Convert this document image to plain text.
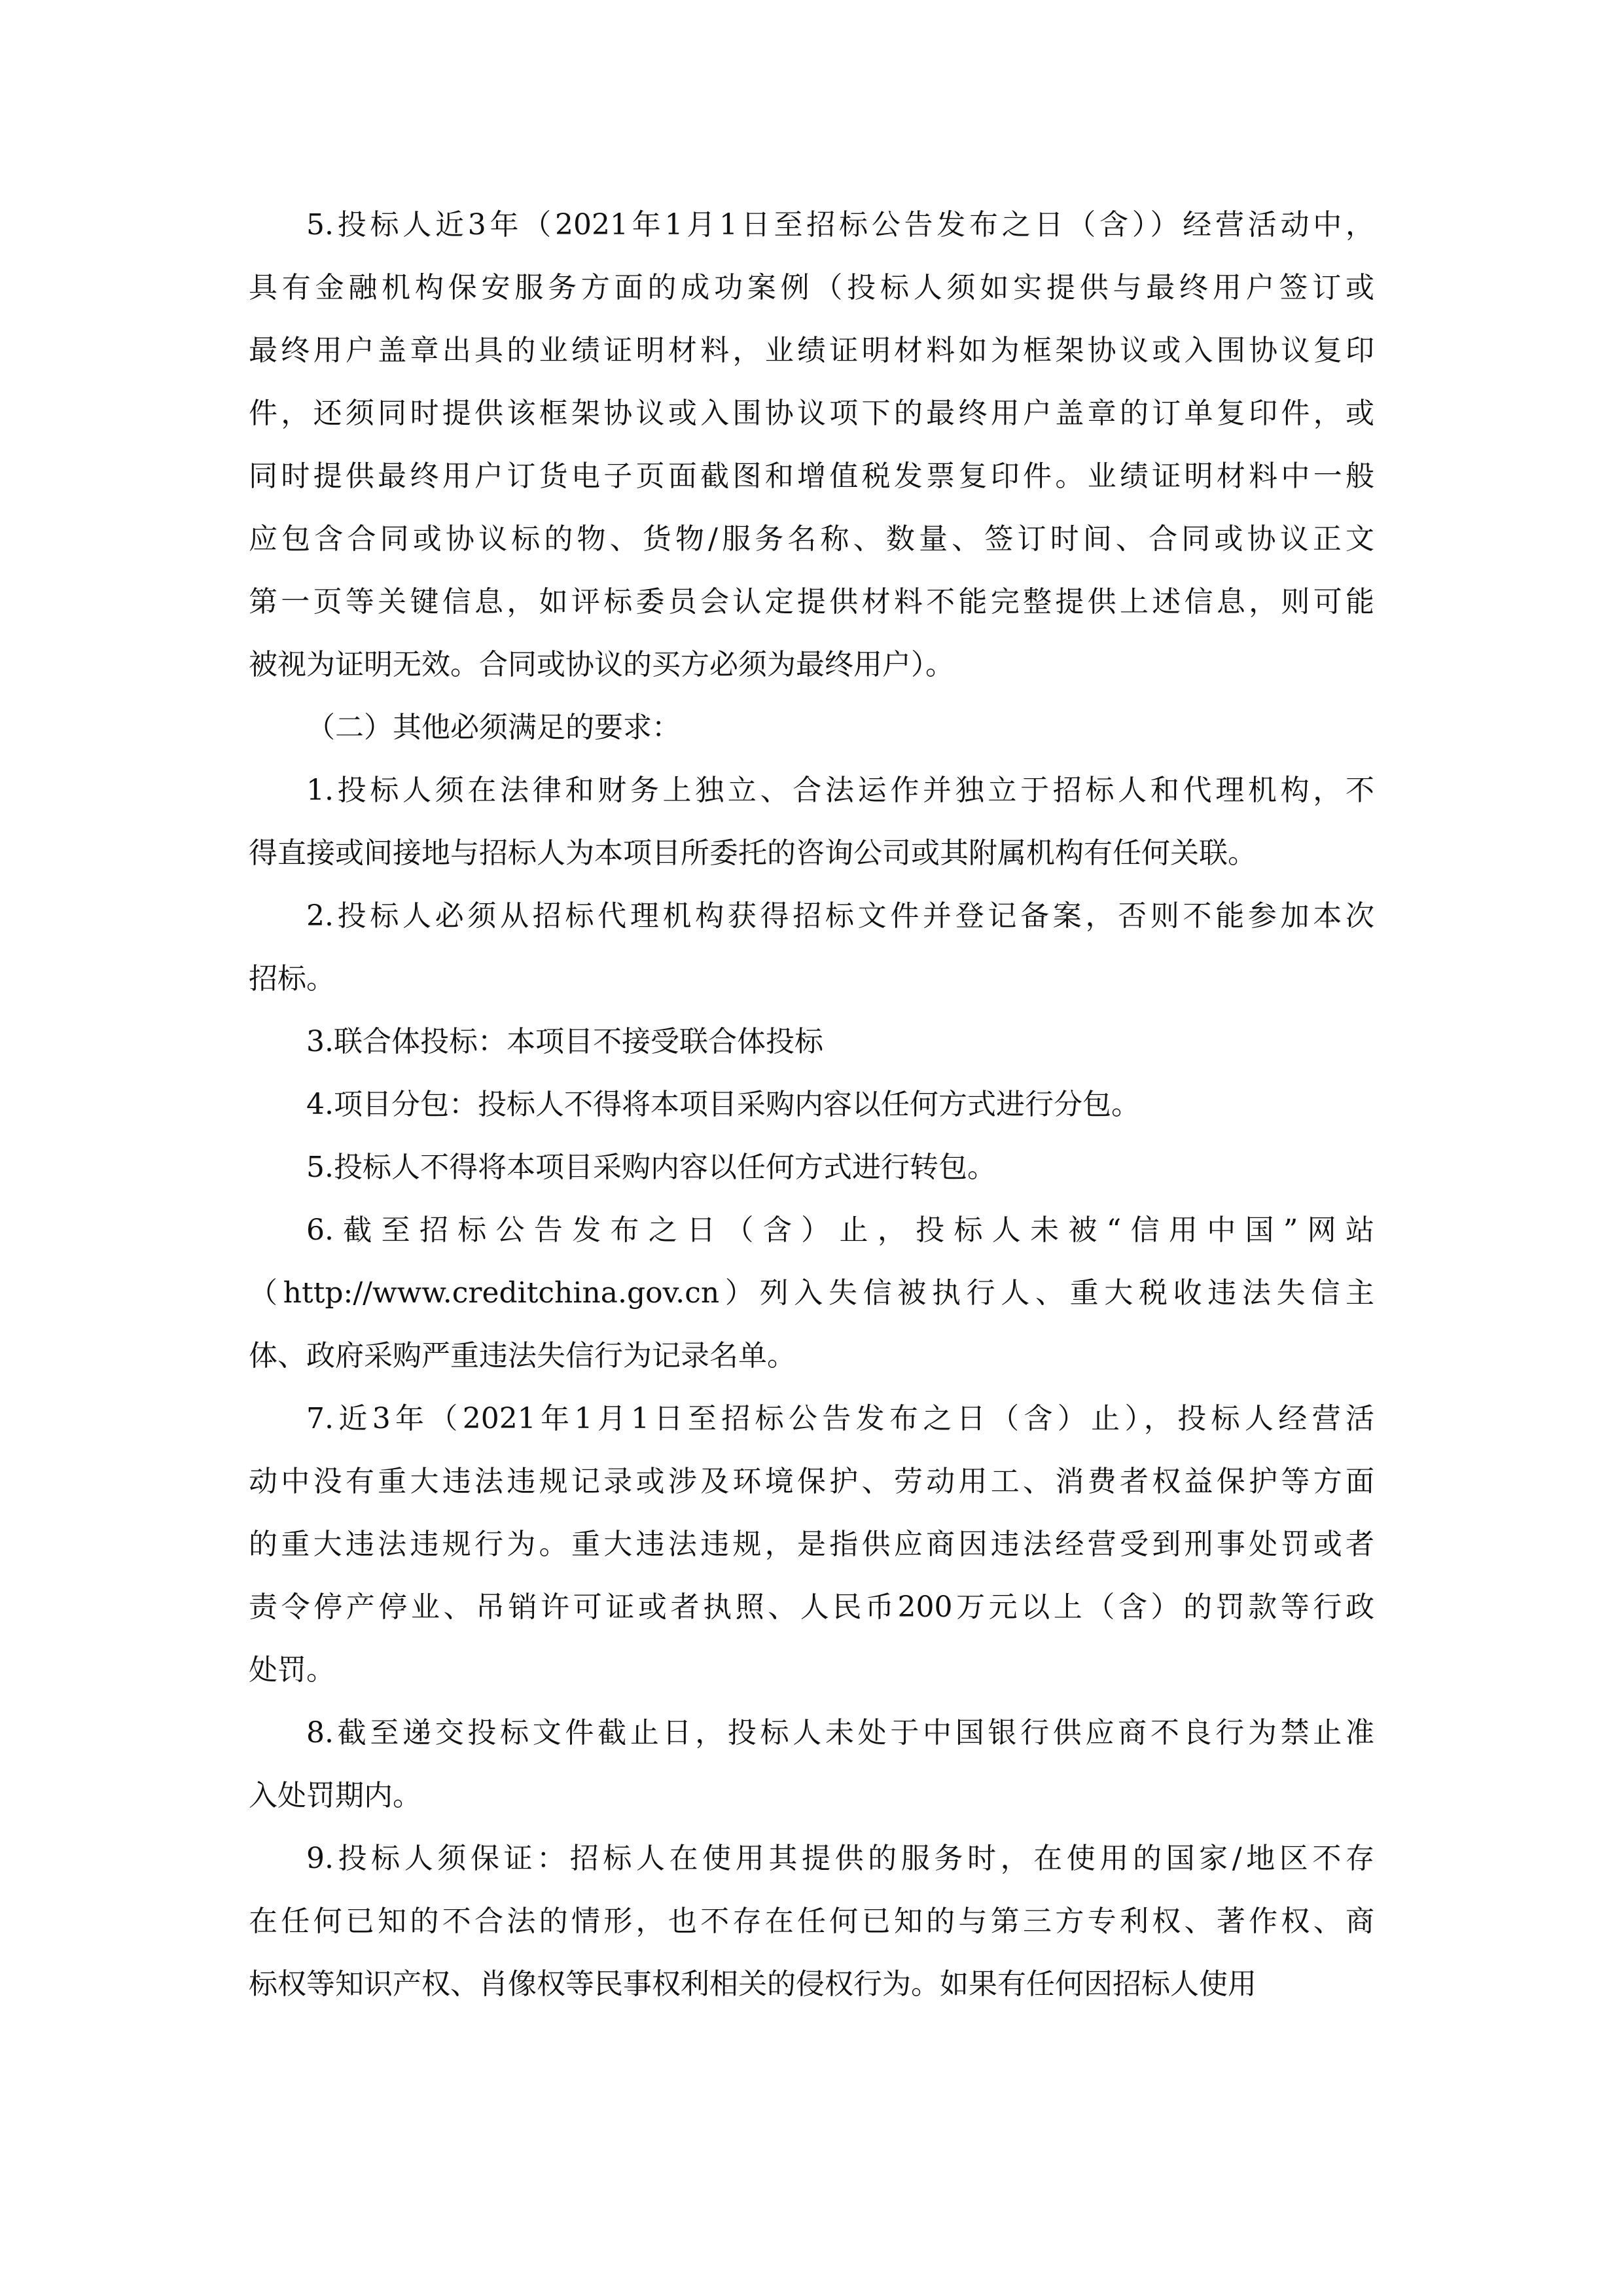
5.投标人近3年（2021年1月1日至招标公告发布之日（含））经营活动中，
具有金融机构保安服务方面的成功案例（投标人须如实提供与最终用户签订或
最终用户盖章出具的业绩证明材料，业绩证明材料如为框架协议或入围协议复印
件，还须同时提供该框架协议或入围协议项下的最终用户盖章的订单复印件，或
同时提供最终用户订货电子页面截图和增值税发票复印件。业绩证明材料中一般
应包含合同或协议标的物、货物/服务名称、数量、签订时间、合同或协议正文
第一页等关键信息，如评标委员会认定提供材料不能完整提供上述信息，则可能
被视为证明无效。合同或协议的买方必须为最终用户）。
（二）其他必须满足的要求：
1.投标人须在法律和财务上独立、合法运作并独立于招标人和代理机构，不
得直接或间接地与招标人为本项目所委托的咨询公司或其附属机构有任何关联。
2.投标人必须从招标代理机构获得招标文件并登记备案，否则不能参加本次
招标。
3.联合体投标：本项目不接受联合体投标
4.项目分包：投标人不得将本项目采购内容以任何方式进行分包。
5.投标人不得将本项目采购内容以任何方式进行转包。
6.截至招标公告发布之日（含）止，投标人未被“信用中国”网站
（http://www.creditchina.gov.cn）列入失信被执行人、重大税收违法失信主
体、政府采购严重违法失信行为记录名单。
7.近3年（2021年1月1日至招标公告发布之日（含）止），投标人经营活
动中没有重大违法违规记录或涉及环境保护、劳动用工、消费者权益保护等方面
的重大违法违规行为。重大违法违规，是指供应商因违法经营受到刑事处罚或者
责令停产停业、吊销许可证或者执照、人民币200万元以上（含）的罚款等行政
处罚。
8.截至递交投标文件截止日，投标人未处于中国银行供应商不良行为禁止准
入处罚期内。
9.投标人须保证：招标人在使用其提供的服务时，在使用的国家/地区不存
在任何已知的不合法的情形，也不存在任何已知的与第三方专利权、著作权、商
标权等知识产权、肖像权等民事权利相关的侵权行为。如果有任何因招标人使用
